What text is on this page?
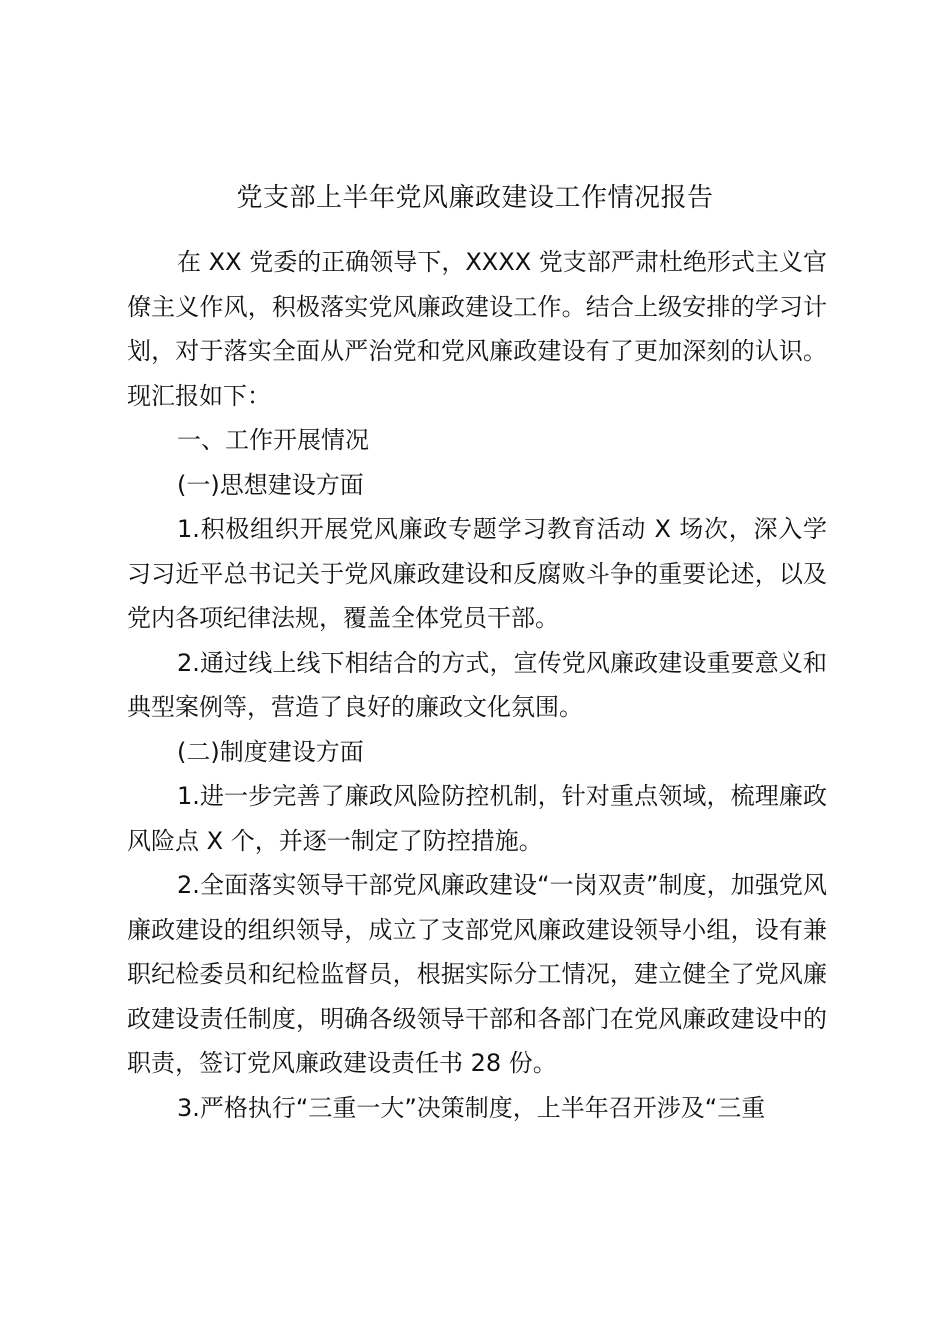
党支部上半年党风廉政建设工作情况报告

在 XX 党委的正确领导下，XXXX 党支部严肃杜绝形式主义官僚主义作风，积极落实党风廉政建设工作。结合上级安排的学习计划，对于落实全面从严治党和党风廉政建设有了更加深刻的认识。现汇报如下：

一、工作开展情况

(一)思想建设方面

1.积极组织开展党风廉政专题学习教育活动 X 场次，深入学习习近平总书记关于党风廉政建设和反腐败斗争的重要论述，以及党内各项纪律法规，覆盖全体党员干部。

2.通过线上线下相结合的方式，宣传党风廉政建设重要意义和典型案例等，营造了良好的廉政文化氛围。

(二)制度建设方面

1.进一步完善了廉政风险防控机制，针对重点领域，梳理廉政风险点 X 个，并逐一制定了防控措施。

2.全面落实领导干部党风廉政建设“一岗双责”制度，加强党风廉政建设的组织领导，成立了支部党风廉政建设领导小组，设有兼职纪检委员和纪检监督员，根据实际分工情况，建立健全了党风廉政建设责任制度，明确各级领导干部和各部门在党风廉政建设中的职责，签订党风廉政建设责任书 28 份。

3.严格执行“三重一大”决策制度，上半年召开涉及“三重
